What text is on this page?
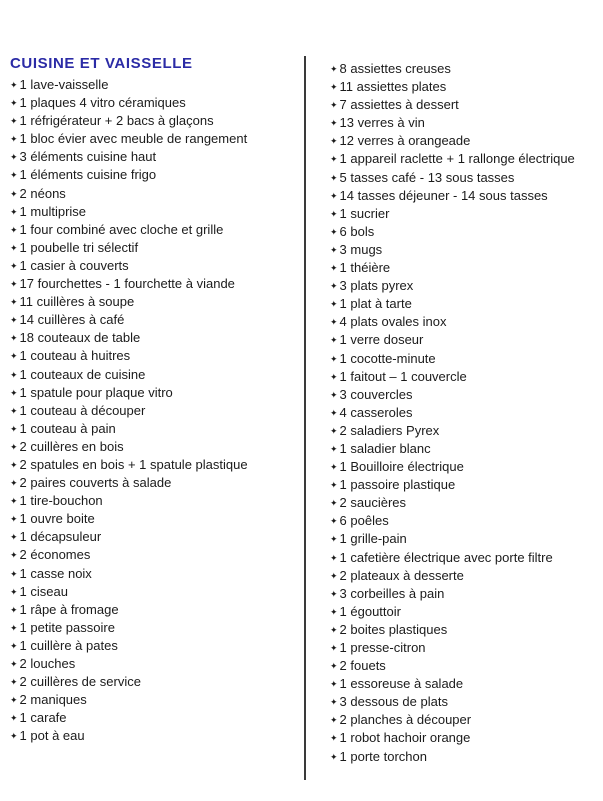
CUISINE ET VAISSELLE
✦ 1 lave-vaisselle
✦ 1 plaques 4 vitro céramiques
✦ 1 réfrigérateur + 2 bacs à glaçons
✦ 1 bloc évier avec meuble de rangement
✦ 3 éléments cuisine haut
✦ 1 éléments cuisine frigo
✦ 2 néons
✦ 1 multiprise
✦ 1 four combiné avec cloche et grille
✦ 1 poubelle tri sélectif
✦ 1 casier à couverts
✦ 17 fourchettes - 1 fourchette à viande
✦ 11 cuillères à soupe
✦ 14 cuillères à café
✦ 18 couteaux de table
✦ 1 couteau à huitres
✦ 1 couteaux de cuisine
✦ 1 spatule pour plaque vitro
✦ 1 couteau à découper
✦ 1 couteau à pain
✦ 2 cuillères en bois
✦ 2 spatules en bois + 1 spatule plastique
✦ 2 paires couverts à salade
✦ 1 tire-bouchon
✦ 1 ouvre boite
✦ 1 décapsuleur
✦ 2 économes
✦ 1 casse noix
✦ 1 ciseau
✦ 1 râpe à fromage
✦ 1 petite passoire
✦ 1 cuillère à pates
✦ 2 louches
✦ 2 cuillères de service
✦ 2 maniques
✦ 1 carafe
✦ 1 pot à eau
✦ 8 assiettes creuses
✦ 11 assiettes plates
✦ 7 assiettes à dessert
✦ 13 verres à vin
✦ 12 verres à orangeade
✦ 1 appareil raclette + 1 rallonge électrique
✦ 5 tasses café - 13 sous tasses
✦ 14 tasses déjeuner - 14 sous tasses
✦ 1 sucrier
✦ 6 bols
✦ 3 mugs
✦ 1 théière
✦ 3 plats pyrex
✦ 1 plat à tarte
✦ 4 plats ovales inox
✦ 1 verre doseur
✦ 1 cocotte-minute
✦ 1 faitout – 1 couvercle
✦ 3 couvercles
✦ 4 casseroles
✦ 2 saladiers Pyrex
✦ 1 saladier blanc
✦ 1 Bouilloire électrique
✦ 1 passoire plastique
✦ 2 saucières
✦ 6 poêles
✦ 1 grille-pain
✦ 1 cafetière électrique avec porte filtre
✦ 2 plateaux à desserte
✦ 3 corbeilles à pain
✦ 1 égouttoir
✦ 2 boites plastiques
✦ 1 presse-citron
✦ 2 fouets
✦ 1 essoreuse à salade
✦ 3 dessous de plats
✦ 2 planches à découper
✦ 1 robot hachoir orange
✦ 1 porte torchon
